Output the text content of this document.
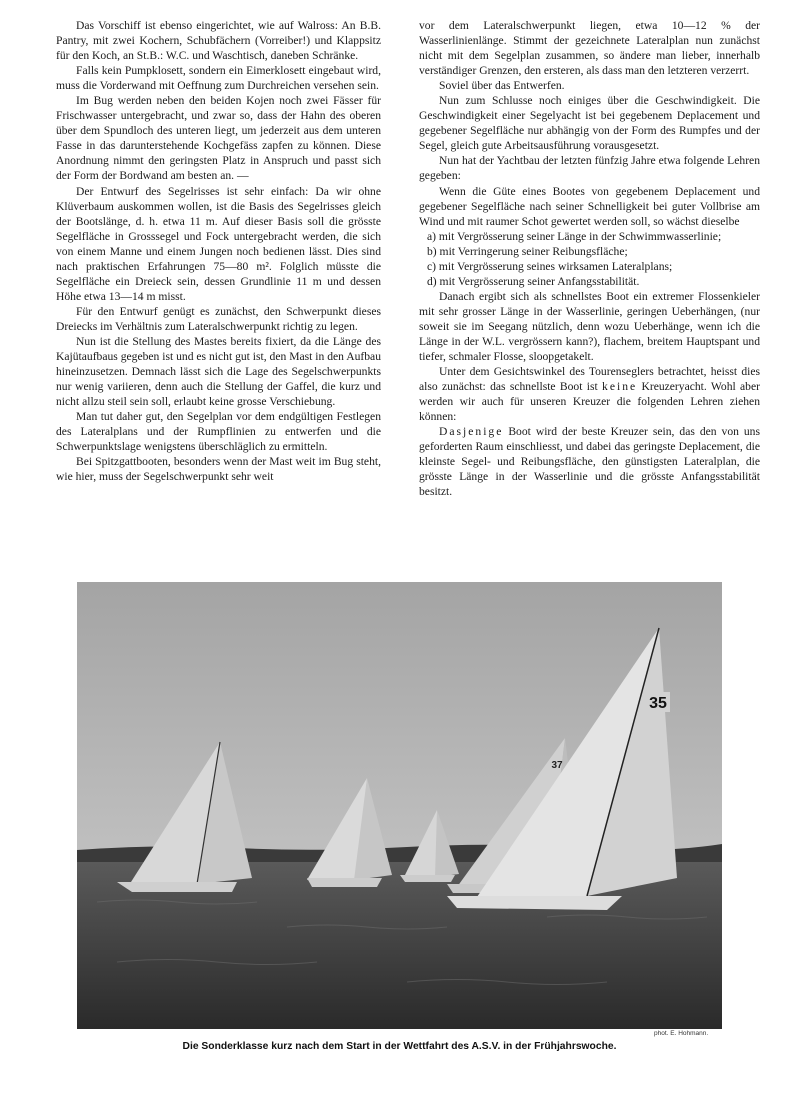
Das Vorschiff ist ebenso eingerichtet, wie auf Walross: An B.B. Pantry, mit zwei Kochern, Schubfächern (Vorreiber!) und Klappsitz für den Koch, an St.B.: W.C. und Waschtisch, daneben Schränke.

Falls kein Pumpklosett, sondern ein Eimerklosett eingebaut wird, muss die Vorderwand mit Oeffnung zum Durchreichen versehen sein.

Im Bug werden neben den beiden Kojen noch zwei Fässer für Frischwasser untergebracht, und zwar so, dass der Hahn des oberen über dem Spundloch des unteren liegt, um jederzeit aus dem unteren Fasse in das darunterstehende Kochgefäss zapfen zu können. Diese Anordnung nimmt den geringsten Platz in Anspruch und passt sich der Form der Bordwand am besten an. —

Der Entwurf des Segelrisses ist sehr einfach: Da wir ohne Klüverbaum auskommen wollen, ist die Basis des Segelrisses gleich der Bootslänge, d. h. etwa 11 m. Auf dieser Basis soll die grösste Segelfläche in Grosssegel und Fock untergebracht werden, die sich von einem Manne und einem Jungen noch bedienen lässt. Dies sind nach praktischen Erfahrungen 75—80 m². Folglich müsste die Segelfläche ein Dreieck sein, dessen Grundlinie 11 m und dessen Höhe etwa 13—14 m misst.

Für den Entwurf genügt es zunächst, den Schwerpunkt dieses Dreiecks im Verhältnis zum Lateralschwerpunkt richtig zu legen.

Nun ist die Stellung des Mastes bereits fixiert, da die Länge des Kajütaufbaus gegeben ist und es nicht gut ist, den Mast in den Aufbau hineinzusetzen. Demnach lässt sich die Lage des Segelschwerpunkts nur wenig variieren, denn auch die Stellung der Gaffel, die kurz und nicht allzu steil sein soll, erlaubt keine grosse Verschiebung.

Man tut daher gut, den Segelplan vor dem endgültigen Festlegen des Lateralplans und der Rumpflinien zu entwerfen und die Schwerpunktslage wenigstens überschläglich zu ermitteln.

Bei Spitzgattbooten, besonders wenn der Mast weit im Bug steht, wie hier, muss der Segelschwerpunkt sehr weit

vor dem Lateralschwerpunkt liegen, etwa 10—12 % der Wasserlinienlänge. Stimmt der gezeichnete Lateralplan nun zunächst nicht mit dem Segelplan zusammen, so ändere man lieber, innerhalb verständiger Grenzen, den ersteren, als dass man den letzteren verzerrt.

Soviel über das Entwerfen.

Nun zum Schlusse noch einiges über die Geschwindigkeit. Die Geschwindigkeit einer Segelyacht ist bei gegebenem Deplacement und gegebener Segelfläche nur abhängig von der Form des Rumpfes und der Segel, gleich gute Arbeitsausführung vorausgesetzt.

Nun hat der Yachtbau der letzten fünfzig Jahre etwa folgende Lehren gegeben:

Wenn die Güte eines Bootes von gegebenem Deplacement und gegebener Segelfläche nach seiner Schnelligkeit bei guter Vollbrise am Wind und mit raumer Schot gewertet werden soll, so wächst dieselbe

a) mit Vergrösserung seiner Länge in der Schwimmwasserlinie;
b) mit Verringerung seiner Reibungsfläche;
c) mit Vergrösserung seines wirksamen Lateralplans;
d) mit Vergrösserung seiner Anfangsstabilität.

Danach ergibt sich als schnellstes Boot ein extremer Flossenkieler mit sehr grosser Länge in der Wasserlinie, geringen Ueberhängen, (nur soweit sie im Seegang nützlich, denn wozu Ueberhänge, wenn ich die Länge in der W.L. vergrössern kann?), flachem, breitem Hauptspant und tiefer, schmaler Flosse, sloopgetakelt.

Unter dem Gesichtswinkel des Tourenseglers betrachtet, heisst dies also zunächst: das schnellste Boot ist keine Kreuzeryacht. Wohl aber werden wir auch für unseren Kreuzer die folgenden Lehren ziehen können:

Dasjenige Boot wird der beste Kreuzer sein, das den von uns geforderten Raum einschliesst, und dabei das geringste Deplacement, die kleinste Segel- und Reibungsfläche, den günstigsten Lateralplan, die grösste Länge in der Wasserlinie und die grösste Anfangsstabilität besitzt.

35
37
phot. E. Hohmann.
Die Sonderklasse kurz nach dem Start in der Wettfahrt des A.S.V. in der Frühjahrswoche.
